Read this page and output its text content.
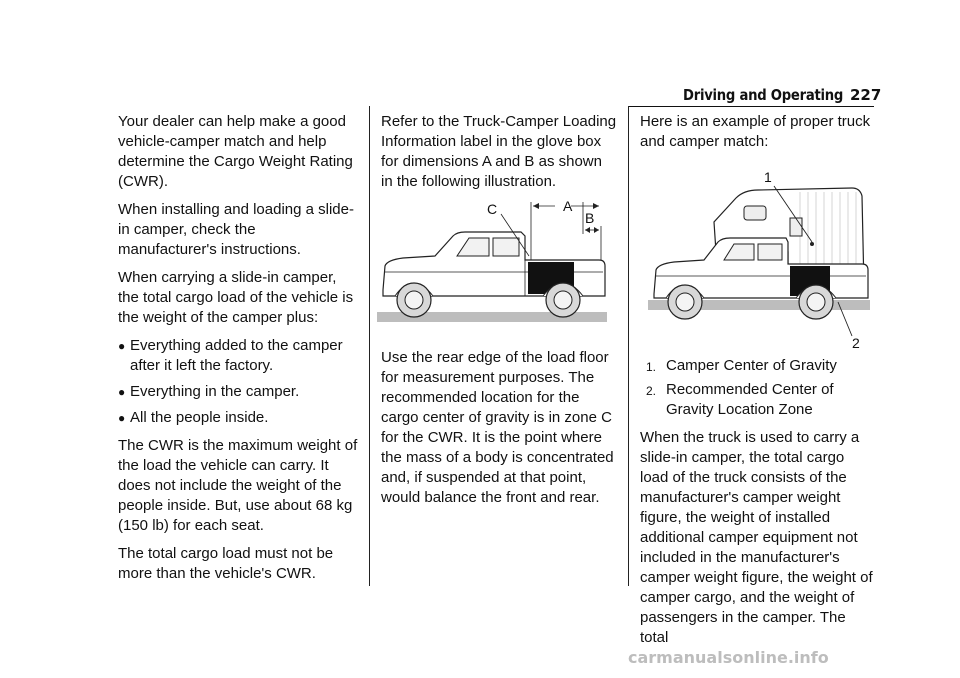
Driving and Operating 227

Your dealer can help make a good vehicle-camper match and help determine the Cargo Weight Rating (CWR).

When installing and loading a slide-in camper, check the manufacturer's instructions.

When carrying a slide-in camper, the total cargo load of the vehicle is the weight of the camper plus:

● Everything added to the camper after it left the factory.
● Everything in the camper.
● All the people inside.

The CWR is the maximum weight of the load the vehicle can carry. It does not include the weight of the people inside. But, use about 68 kg (150 lb) for each seat.

The total cargo load must not be more than the vehicle's CWR.

Refer to the Truck-Camper Loading Information label in the glove box for dimensions A and B as shown in the following illustration.

A
B
C

Use the rear edge of the load floor for measurement purposes. The recommended location for the cargo center of gravity is in zone C for the CWR. It is the point where the mass of a body is concentrated and, if suspended at that point, would balance the front and rear.

Here is an example of proper truck and camper match:

1
2
1. Camper Center of Gravity
2. Recommended Center of Gravity Location Zone

When the truck is used to carry a slide-in camper, the total cargo load of the truck consists of the manufacturer's camper weight figure, the weight of installed additional camper equipment not included in the manufacturer's camper weight figure, the weight of camper cargo, and the weight of passengers in the camper. The total

carmanualsonline.info
